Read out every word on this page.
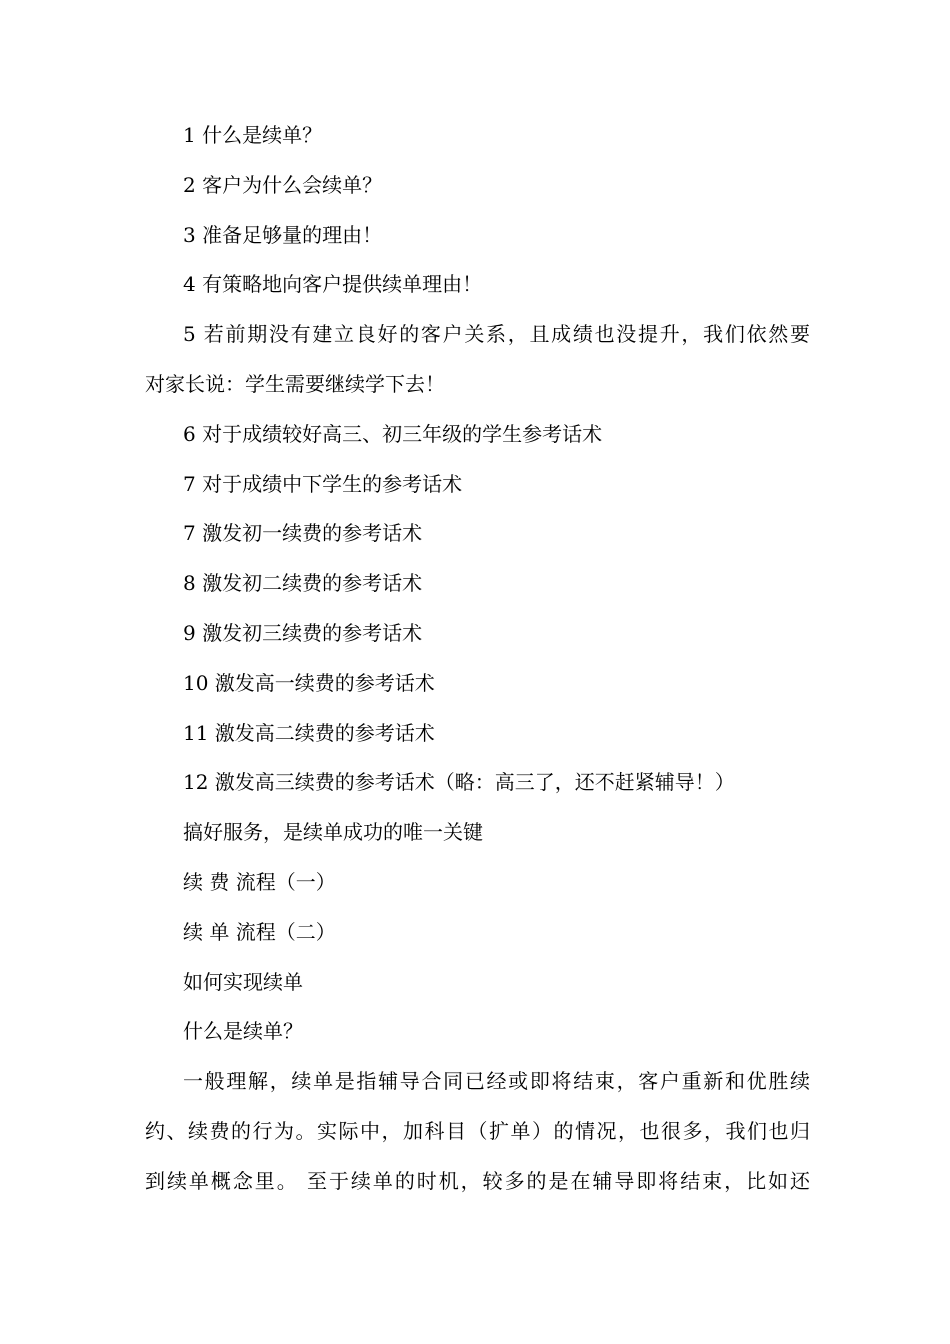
1 什么是续单？
2 客户为什么会续单？
3 准备足够量的理由！
4 有策略地向客户提供续单理由！
5 若前期没有建立良好的客户关系，且成绩也没提升，我们依然要
对家长说：学生需要继续学下去！
6 对于成绩较好高三、初三年级的学生参考话术
7 对于成绩中下学生的参考话术
7 激发初一续费的参考话术
8 激发初二续费的参考话术
9 激发初三续费的参考话术
10 激发高一续费的参考话术
11 激发高二续费的参考话术
12 激发高三续费的参考话术（略：高三了，还不赶紧辅导！）
搞好服务，是续单成功的唯一关键
续 费 流程（一）
续 单 流程（二）
如何实现续单
什么是续单？
一般理解，续单是指辅导合同已经或即将结束，客户重新和优胜续
约、续费的行为。实际中，加科目（扩单）的情况，也很多，我们也归
到续单概念里。 至于续单的时机，较多的是在辅导即将结束，比如还
